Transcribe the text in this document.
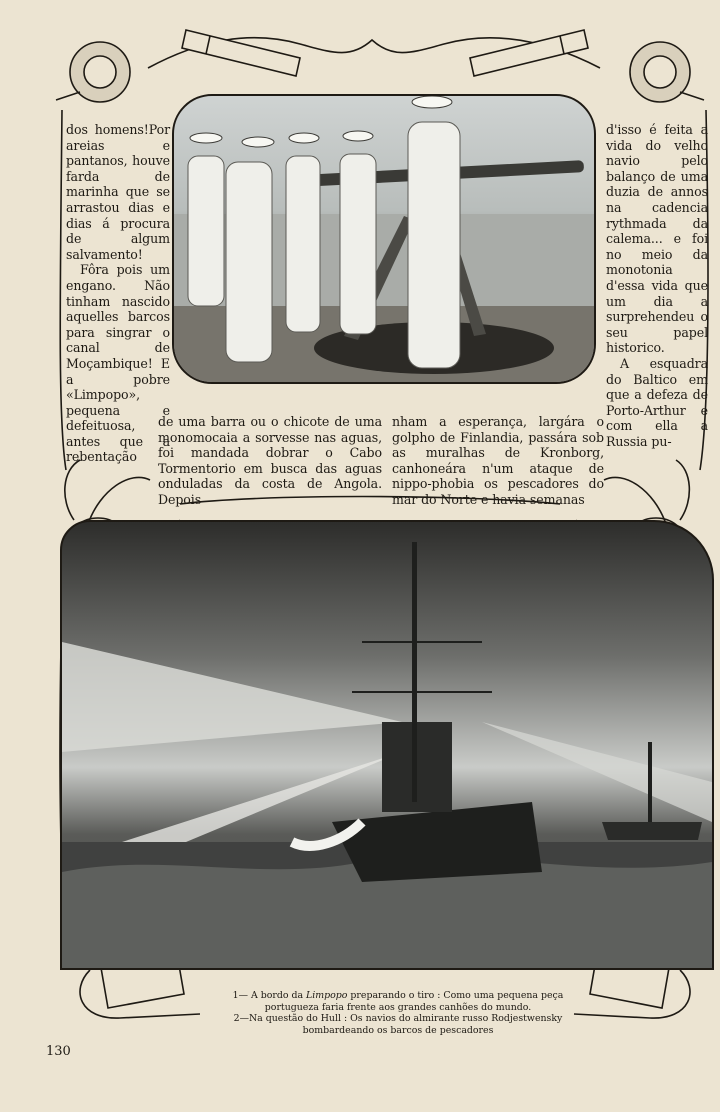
dos homens!Por areias e pantanos, houve farda de marinha que se arrastou dias e dias á procura de algum salvamento!

Fôra pois um engano. Não tinham nascido aquelles barcos para singrar o canal de Moçambique! E a pobre «Limpopo», pequena e defeituosa, antes que a rebentação

de uma barra ou o chicote de uma monomocaia a sorvesse nas aguas, foi mandada dobrar o Cabo Tormentorio em busca das aguas onduladas da costa de Angola. Depois

nham a esperança, largára o golpho de Finlandia, passára sob as muralhas de Kronborg, canhoneára n'um ataque de nippo-phobia os pescadores do mar do Norte e havia semanas

d'isso é feita a vida do velho navio pelo balanço de uma duzia de annos na cadencia rythmada da calema... e foi no meio da monotonia d'essa vida que um dia a surprehendeu o seu papel historico.

A esquadra do Baltico em que a defeza de Porto-Arthur e com ella a Russia pu-

1— A bordo da Limpopo preparando o tiro : Como uma pequena peça
portugueza faria frente aos grandes canhões do mundo.
2—Na questão do Hull : Os navios do almirante russo Rodjestwensky
bombardeando os barcos de pescadores
130
